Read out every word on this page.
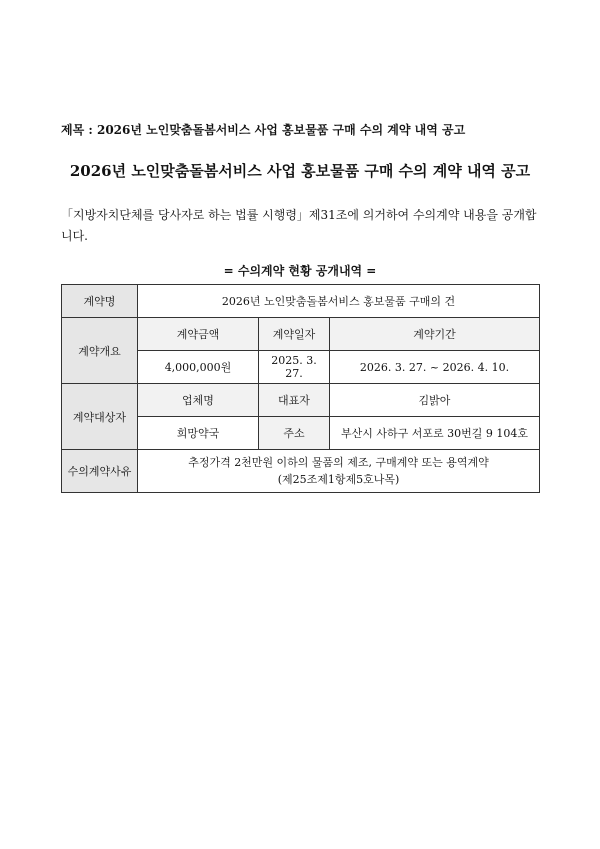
제목 : 2026년 노인맞춤돌봄서비스 사업 홍보물품 구매 수의 계약 내역 공고
2026년 노인맞춤돌봄서비스 사업 홍보물품 구매 수의 계약 내역 공고

「지방자치단체를 당사자로 하는 법률 시행령」제31조에 의거하여 수의계약 내용을 공개합니다.

= 수의계약 현황 공개내역 =
계약명	2026년 노인맞춤돌봄서비스 홍보물품 구매의 건		
계약개요	계약금액	계약일자	계약기간
	4,000,000원	2025. 3. 27.	2026. 3. 27. ~ 2026. 4. 10.
계약대상자	업체명	대표자	김밝아
	희망약국	주소	부산시 사하구 서포로 30번길 9 104호
수의계약사유	추정가격 2천만원 이하의 물품의 제조, 구매계약 또는 용역계약
(제25조제1항제5호나목)		
